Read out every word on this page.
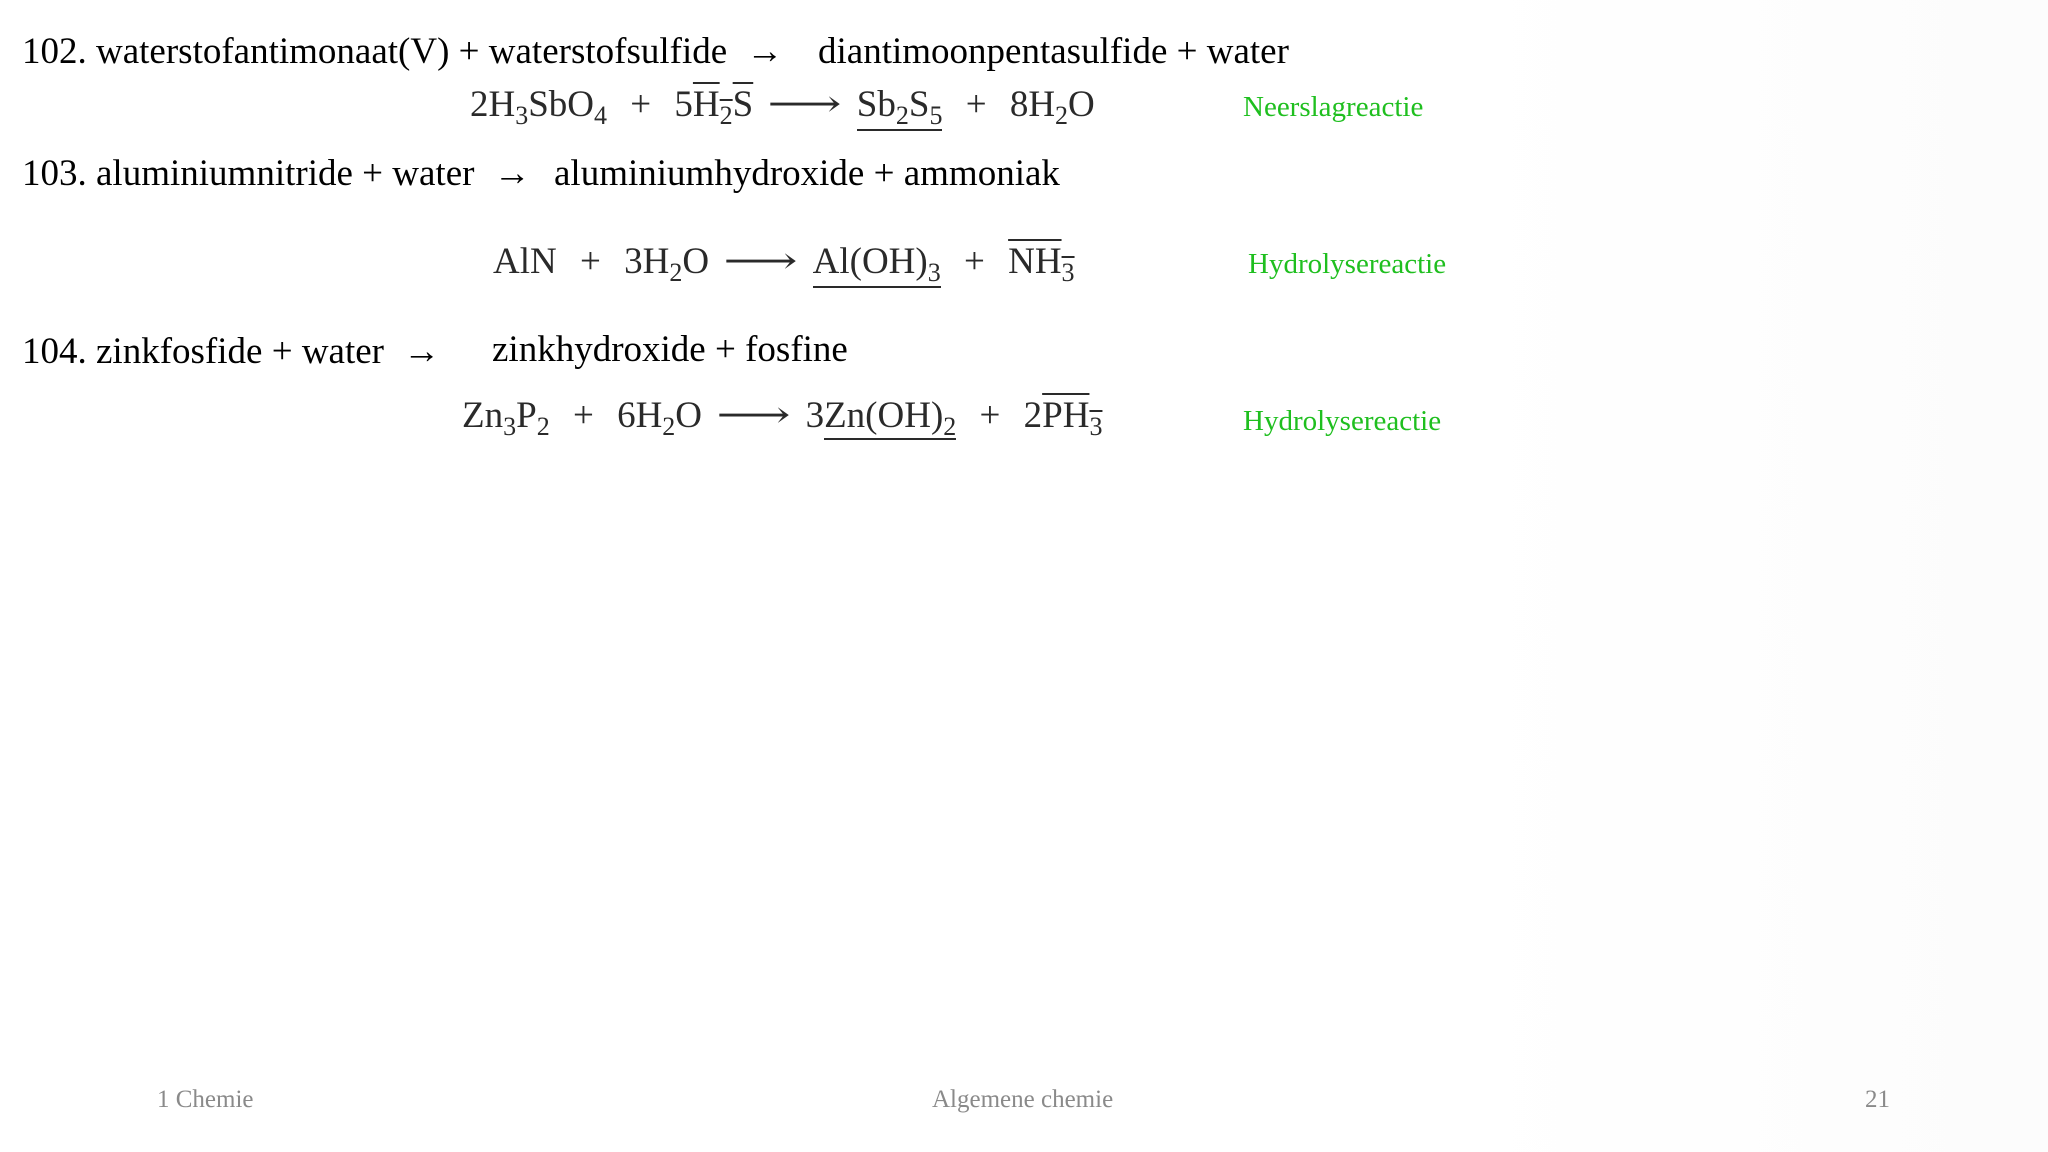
102. waterstofantimonaat(V) + waterstofsulfide → diantimoonpentasulfide + water
$2H_3SbO_4 + 5H_2S$ ⟶ $Sb_2S_5 + 8H_2O$	Neerslagreactie
103. aluminiumnitride + water → aluminiumhydroxide + ammoniak
AlN + $3H_2O$ ⟶ $Al(OH)_3 + NH_3$	Hydrolysereactie
104. zinkfosfide + water → zinkhydroxide + fosfine
$Zn_3P_2 + 6H_2O$ ⟶ $3Zn(OH)_2 + 2PH_3$	Hydrolysereactie
1 Chemie	Algemene chemie	21
